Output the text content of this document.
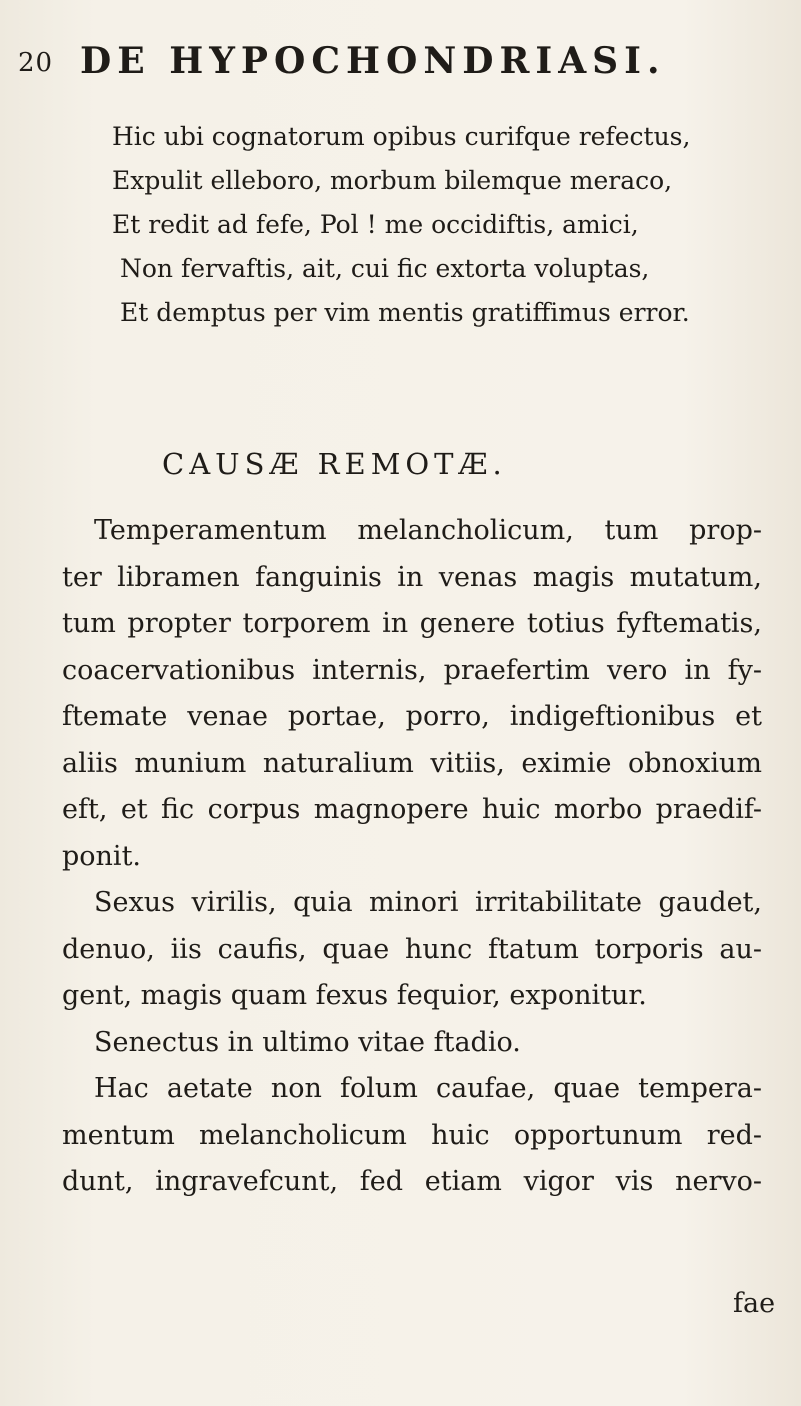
20 DE HYPOCHONDRIASI.
Hic ubi cognatorum opibus curifque refectus,
Expulit elleboro, morbum bilemque meraco,
Et redit ad fefe, Pol ! me occidiftis, amici,
Non fervaftis, ait, cui fic extorta voluptas,
Et demptus per vim mentis gratiffimus error.
CAUSÆ REMOTÆ.
Temperamentum melancholicum, tum prop-
ter libramen fanguinis in venas magis mutatum,
tum propter torporem in genere totius fyftematis,
coacervationibus internis, praefertim vero in fy-
ftemate venae portae, porro, indigeftionibus et
aliis munium naturalium vitiis, eximie obnoxium
eft, et fic corpus magnopere huic morbo praedif-
ponit.
Sexus virilis, quia minori irritabilitate gaudet,
denuo, iis caufis, quae hunc ftatum torporis au-
gent, magis quam fexus fequior, exponitur.
Senectus in ultimo vitae ftadio.
Hac aetate non folum caufae, quae tempera-
mentum melancholicum huic opportunum red-
dunt, ingravefcunt, fed etiam vigor vis nervo-
fae
